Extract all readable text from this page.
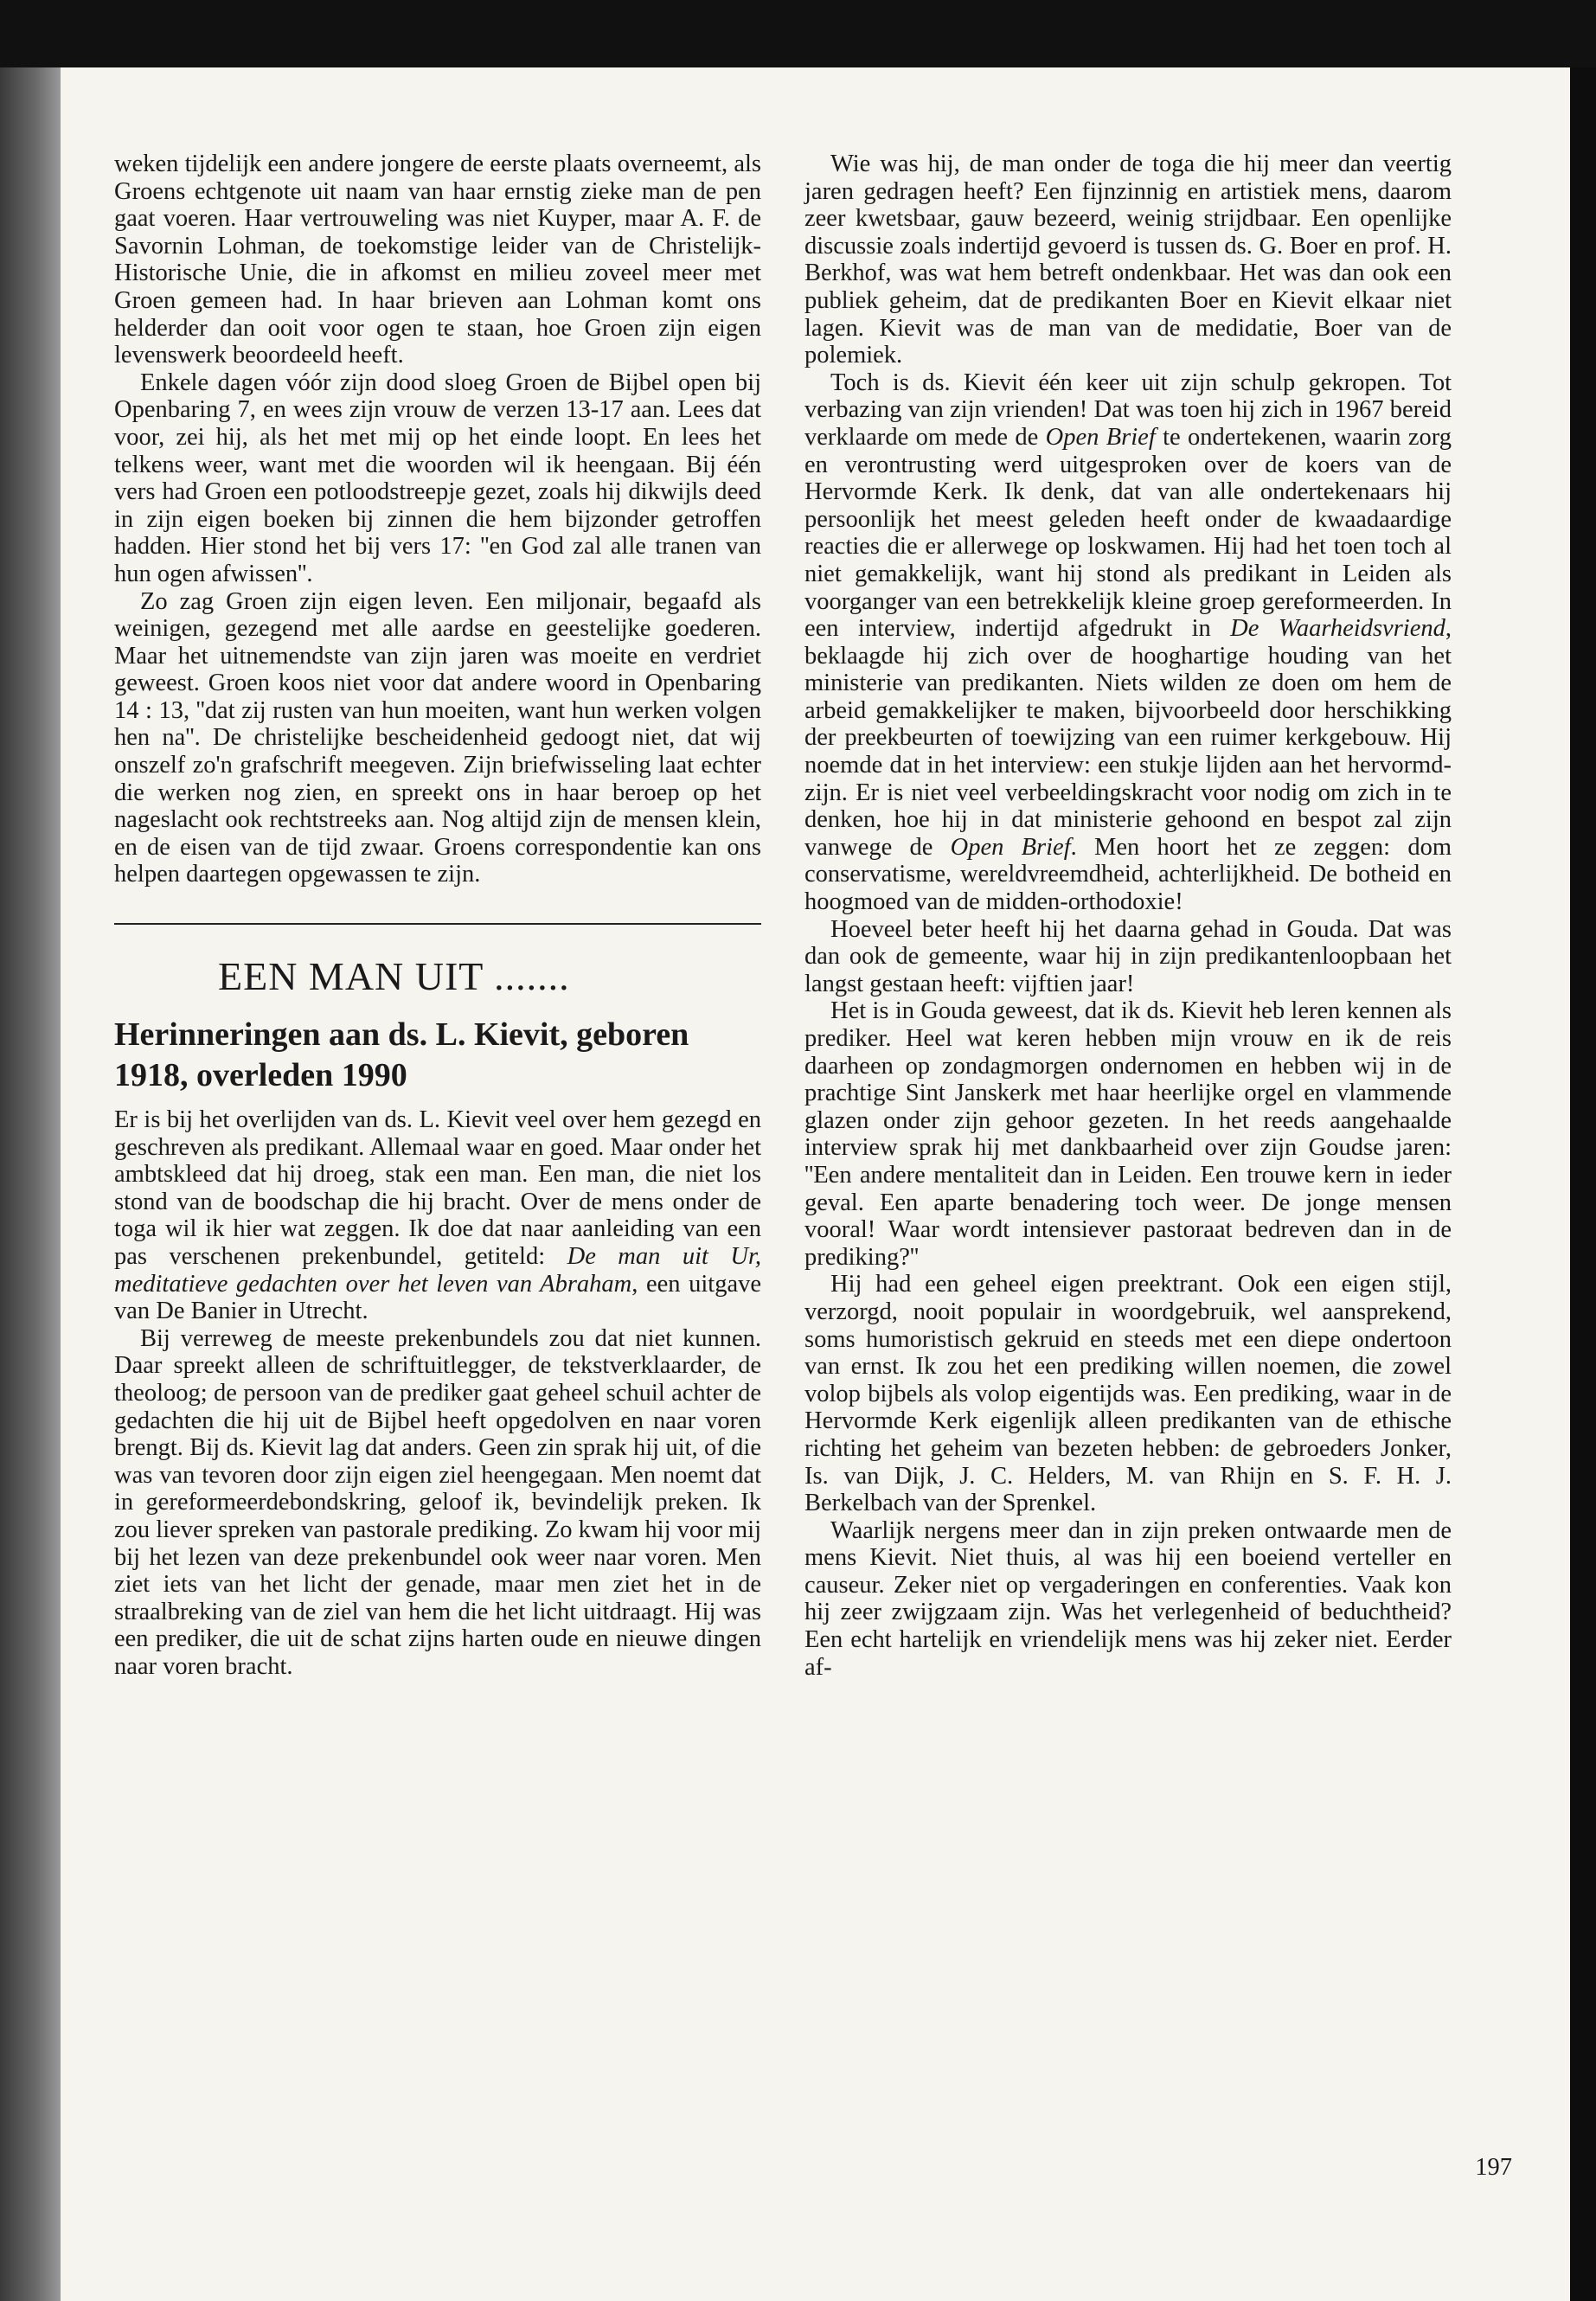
weken tijdelijk een andere jongere de eerste plaats overneemt, als Groens echtgenote uit naam van haar ernstig zieke man de pen gaat voeren. Haar vertrouweling was niet Kuyper, maar A. F. de Savornin Lohman, de toekomstige leider van de Christelijk-Historische Unie, die in afkomst en milieu zoveel meer met Groen gemeen had. In haar brieven aan Lohman komt ons helderder dan ooit voor ogen te staan, hoe Groen zijn eigen levenswerk beoordeeld heeft.

Enkele dagen vóór zijn dood sloeg Groen de Bijbel open bij Openbaring 7, en wees zijn vrouw de verzen 13-17 aan. Lees dat voor, zei hij, als het met mij op het einde loopt. En lees het telkens weer, want met die woorden wil ik heengaan. Bij één vers had Groen een potloodstreepje gezet, zoals hij dikwijls deed in zijn eigen boeken bij zinnen die hem bijzonder getroffen hadden. Hier stond het bij vers 17: ''en God zal alle tranen van hun ogen afwissen''.

Zo zag Groen zijn eigen leven. Een miljonair, begaafd als weinigen, gezegend met alle aardse en geestelijke goederen. Maar het uitnemendste van zijn jaren was moeite en verdriet geweest. Groen koos niet voor dat andere woord in Openbaring 14 : 13, ''dat zij rusten van hun moeiten, want hun werken volgen hen na''. De christelijke bescheidenheid gedoogt niet, dat wij onszelf zo'n grafschrift meegeven. Zijn briefwisseling laat echter die werken nog zien, en spreekt ons in haar beroep op het nageslacht ook rechtstreeks aan. Nog altijd zijn de mensen klein, en de eisen van de tijd zwaar. Groens correspondentie kan ons helpen daartegen opgewassen te zijn.

EEN MAN UIT .......
Herinneringen aan ds. L. Kievit, geboren 1918, overleden 1990

Er is bij het overlijden van ds. L. Kievit veel over hem gezegd en geschreven als predikant. Allemaal waar en goed. Maar onder het ambtskleed dat hij droeg, stak een man. Een man, die niet los stond van de boodschap die hij bracht. Over de mens onder de toga wil ik hier wat zeggen. Ik doe dat naar aanleiding van een pas verschenen prekenbundel, getiteld: De man uit Ur, meditatieve gedachten over het leven van Abraham, een uitgave van De Banier in Utrecht.

Bij verreweg de meeste prekenbundels zou dat niet kunnen. Daar spreekt alleen de schriftuitlegger, de tekstverklaarder, de theoloog; de persoon van de prediker gaat geheel schuil achter de gedachten die hij uit de Bijbel heeft opgedolven en naar voren brengt. Bij ds. Kievit lag dat anders. Geen zin sprak hij uit, of die was van tevoren door zijn eigen ziel heengegaan. Men noemt dat in gereformeerdebondskring, geloof ik, bevindelijk preken. Ik zou liever spreken van pastorale prediking. Zo kwam hij voor mij bij het lezen van deze prekenbundel ook weer naar voren. Men ziet iets van het licht der genade, maar men ziet het in de straalbreking van de ziel van hem die het licht uitdraagt. Hij was een prediker, die uit de schat zijns harten oude en nieuwe dingen naar voren bracht.

Wie was hij, de man onder de toga die hij meer dan veertig jaren gedragen heeft? Een fijnzinnig en artistiek mens, daarom zeer kwetsbaar, gauw bezeerd, weinig strijdbaar. Een openlijke discussie zoals indertijd gevoerd is tussen ds. G. Boer en prof. H. Berkhof, was wat hem betreft ondenkbaar. Het was dan ook een publiek geheim, dat de predikanten Boer en Kievit elkaar niet lagen. Kievit was de man van de medidatie, Boer van de polemiek.

Toch is ds. Kievit één keer uit zijn schulp gekropen. Tot verbazing van zijn vrienden! Dat was toen hij zich in 1967 bereid verklaarde om mede de Open Brief te ondertekenen, waarin zorg en verontrusting werd uitgesproken over de koers van de Hervormde Kerk. Ik denk, dat van alle ondertekenaars hij persoonlijk het meest geleden heeft onder de kwaadaardige reacties die er allerwege op loskwamen. Hij had het toen toch al niet gemakkelijk, want hij stond als predikant in Leiden als voorganger van een betrekkelijk kleine groep gereformeerden. In een interview, indertijd afgedrukt in De Waarheidsvriend, beklaagde hij zich over de hooghartige houding van het ministerie van predikanten. Niets wilden ze doen om hem de arbeid gemakkelijker te maken, bijvoorbeeld door herschikking der preekbeurten of toewijzing van een ruimer kerkgebouw. Hij noemde dat in het interview: een stukje lijden aan het hervormd-zijn. Er is niet veel verbeeldingskracht voor nodig om zich in te denken, hoe hij in dat ministerie gehoond en bespot zal zijn vanwege de Open Brief. Men hoort het ze zeggen: dom conservatisme, wereldvreemdheid, achterlijkheid. De botheid en hoogmoed van de midden-orthodoxie!

Hoeveel beter heeft hij het daarna gehad in Gouda. Dat was dan ook de gemeente, waar hij in zijn predikantenloopbaan het langst gestaan heeft: vijftien jaar!

Het is in Gouda geweest, dat ik ds. Kievit heb leren kennen als prediker. Heel wat keren hebben mijn vrouw en ik de reis daarheen op zondagmorgen ondernomen en hebben wij in de prachtige Sint Janskerk met haar heerlijke orgel en vlammende glazen onder zijn gehoor gezeten. In het reeds aangehaalde interview sprak hij met dankbaarheid over zijn Goudse jaren: ''Een andere mentaliteit dan in Leiden. Een trouwe kern in ieder geval. Een aparte benadering toch weer. De jonge mensen vooral! Waar wordt intensiever pastoraat bedreven dan in de prediking?''

Hij had een geheel eigen preektrant. Ook een eigen stijl, verzorgd, nooit populair in woordgebruik, wel aansprekend, soms humoristisch gekruid en steeds met een diepe ondertoon van ernst. Ik zou het een prediking willen noemen, die zowel volop bijbels als volop eigentijds was. Een prediking, waar in de Hervormde Kerk eigenlijk alleen predikanten van de ethische richting het geheim van bezeten hebben: de gebroeders Jonker, Is. van Dijk, J. C. Helders, M. van Rhijn en S. F. H. J. Berkelbach van der Sprenkel.

Waarlijk nergens meer dan in zijn preken ontwaarde men de mens Kievit. Niet thuis, al was hij een boeiend verteller en causeur. Zeker niet op vergaderingen en conferenties. Vaak kon hij zeer zwijgzaam zijn. Was het verlegenheid of beduchtheid? Een echt hartelijk en vriendelijk mens was hij zeker niet. Eerder af-

197
